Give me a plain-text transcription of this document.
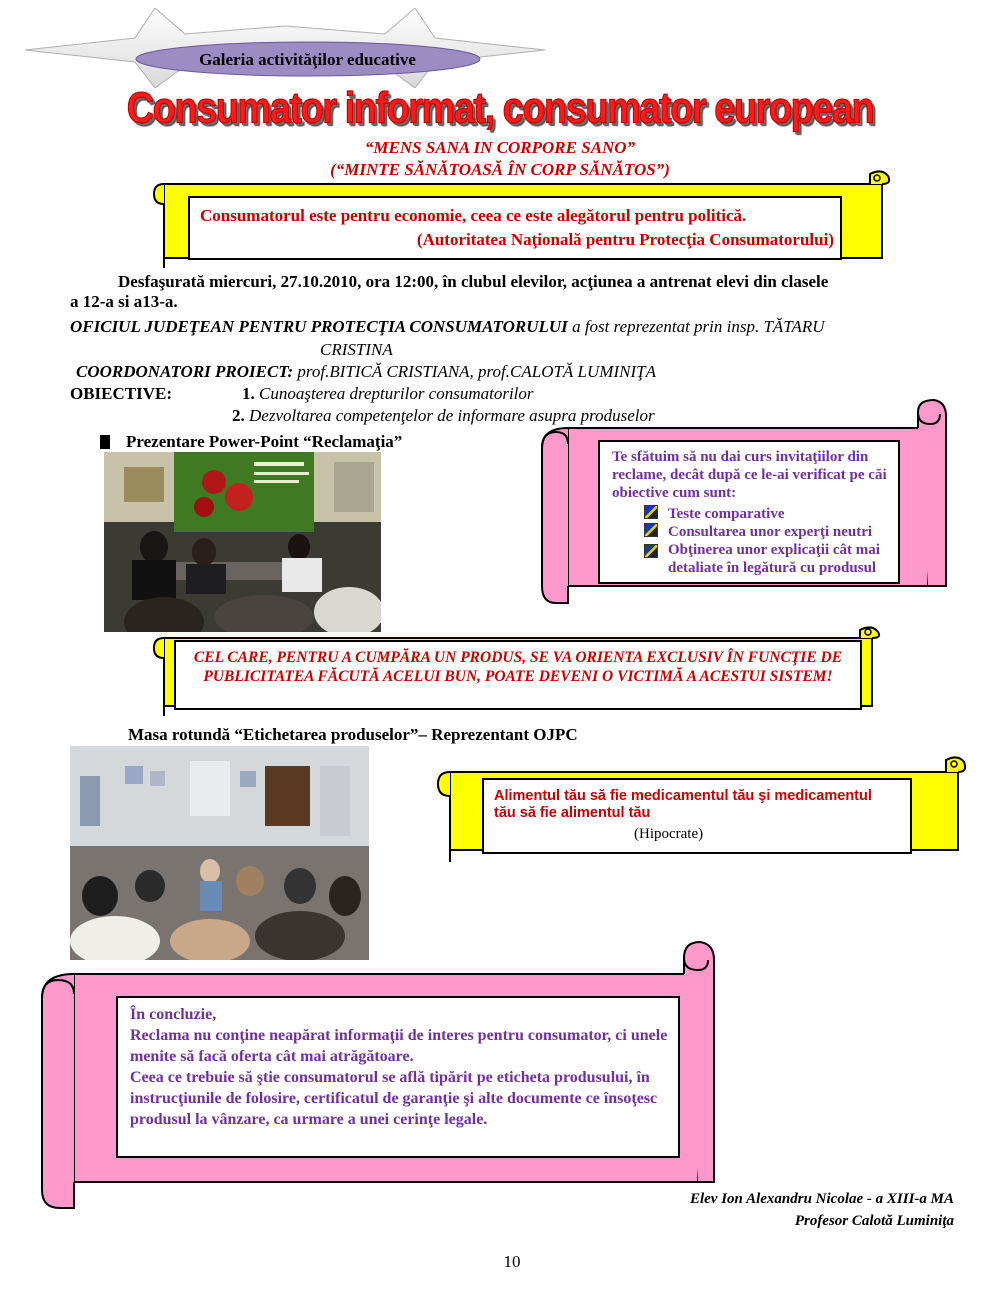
Galeria activităţilor educative
Consumator informat, consumator european
“MENS SANA IN CORPORE SANO”
(“MINTE SĂNĂTOASĂ ÎN CORP SĂNĂTOS”)
Consumatorul este pentru economie, ceea ce este alegătorul pentru politică.
(Autoritatea Naţională pentru Protecţia Consumatorului)
Desfaşurată miercuri, 27.10.2010, ora 12:00, în clubul elevilor, acţiunea a antrenat elevi din clasele
a 12-a si a13-a.
OFICIUL JUDEŢEAN PENTRU PROTECŢIA CONSUMATORULUI a fost reprezentat prin insp. TĂTARU
CRISTINA
COORDONATORI PROIECT: prof.BITICĂ CRISTIANA, prof.CALOTĂ LUMINIŢA
OBIECTIVE:	1. Cunoaşterea drepturilor consumatorilor
2. Dezvoltarea competenţelor de informare asupra produselor
Prezentare Power-Point “Reclamaţia”
Te sfătuim să nu dai curs invitaţiilor din reclame, decât după ce le-ai verificat pe căi obiective cum sunt:
Teste comparative
Consultarea unor experţi neutri
Obţinerea unor explicaţii cât mai detaliate în legătură cu produsul
CEL CARE, PENTRU A CUMPĂRA UN PRODUS, SE VA ORIENTA EXCLUSIV ÎN FUNCŢIE DE PUBLICITATEA FĂCUTĂ ACELUI BUN, POATE DEVENI O VICTIMĂ A ACESTUI SISTEM!
Masa rotundă “Etichetarea produselor”– Reprezentant OJPC
Alimentul tău să fie medicamentul tău şi medicamentul tău să fie alimentul tău
(Hipocrate)
În concluzie,
Reclama nu conţine neapărat informaţii de interes pentru consumator, ci unele menite să facă oferta cât mai atrăgătoare.
Ceea ce trebuie să ştie consumatorul se află tipărit pe eticheta produsului, în instrucţiunile de folosire, certificatul de garanţie şi alte documente ce însoţesc produsul la vânzare, ca urmare a unei cerinţe legale.
Elev Ion Alexandru Nicolae - a XIII-a MA
Profesor Calotă Luminiţa
10
